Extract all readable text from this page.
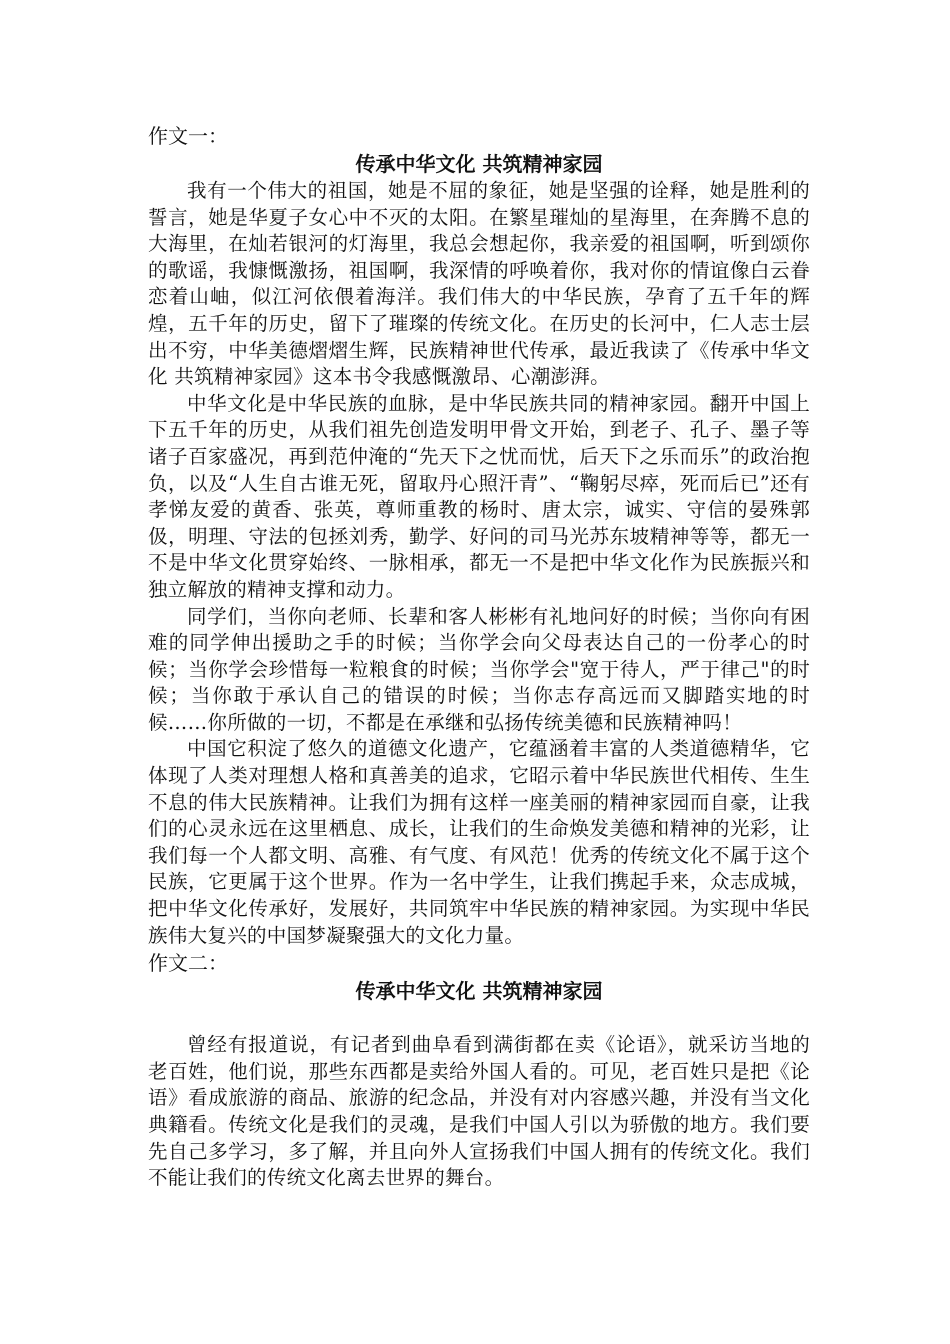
作文一：

传承中华文化 共筑精神家园

我有一个伟大的祖国，她是不屈的象征，她是坚强的诠释，她是胜利的誓言，她是华夏子女心中不灭的太阳。在繁星璀灿的星海里，在奔腾不息的大海里，在灿若银河的灯海里，我总会想起你，我亲爱的祖国啊，听到颂你的歌谣，我慷慨激扬，祖国啊，我深情的呼唤着你，我对你的情谊像白云眷恋着山岫，似江河依偎着海洋。我们伟大的中华民族，孕育了五千年的辉煌，五千年的历史，留下了璀璨的传统文化。在历史的长河中，仁人志士层出不穷，中华美德熠熠生辉，民族精神世代传承，最近我读了《传承中华文化 共筑精神家园》这本书令我感慨激昂、心潮澎湃。

中华文化是中华民族的血脉，是中华民族共同的精神家园。翻开中国上下五千年的历史，从我们祖先创造发明甲骨文开始，到老子、孔子、墨子等诸子百家盛况，再到范仲淹的“先天下之忧而忧，后天下之乐而乐”的政治抱负，以及“人生自古谁无死，留取丹心照汗青”、“鞠躬尽瘁，死而后已”还有孝悌友爱的黄香、张英，尊师重教的杨时、唐太宗，诚实、守信的晏殊郭伋，明理、守法的包拯刘秀，勤学、好问的司马光苏东坡精神等等，都无一不是中华文化贯穿始终、一脉相承，都无一不是把中华文化作为民族振兴和独立解放的精神支撑和动力。

同学们，当你向老师、长辈和客人彬彬有礼地问好的时候；当你向有困难的同学伸出援助之手的时候；当你学会向父母表达自己的一份孝心的时候；当你学会珍惜每一粒粮食的时候；当你学会"宽于待人，严于律己"的时候；当你敢于承认自己的错误的时候；当你志存高远而又脚踏实地的时候……你所做的一切，不都是在承继和弘扬传统美德和民族精神吗！

中国它积淀了悠久的道德文化遗产，它蕴涵着丰富的人类道德精华，它体现了人类对理想人格和真善美的追求，它昭示着中华民族世代相传、生生不息的伟大民族精神。让我们为拥有这样一座美丽的精神家园而自豪，让我们的心灵永远在这里栖息、成长，让我们的生命焕发美德和精神的光彩，让我们每一个人都文明、高雅、有气度、有风范！优秀的传统文化不属于这个民族，它更属于这个世界。作为一名中学生，让我们携起手来，众志成城，把中华文化传承好，发展好，共同筑牢中华民族的精神家园。为实现中华民族伟大复兴的中国梦凝聚强大的文化力量。

作文二：

传承中华文化 共筑精神家园

曾经有报道说，有记者到曲阜看到满街都在卖《论语》，就采访当地的老百姓，他们说，那些东西都是卖给外国人看的。可见，老百姓只是把《论语》看成旅游的商品、旅游的纪念品，并没有对内容感兴趣，并没有当文化典籍看。传统文化是我们的灵魂，是我们中国人引以为骄傲的地方。我们要先自己多学习，多了解，并且向外人宣扬我们中国人拥有的传统文化。我们不能让我们的传统文化离去世界的舞台。
